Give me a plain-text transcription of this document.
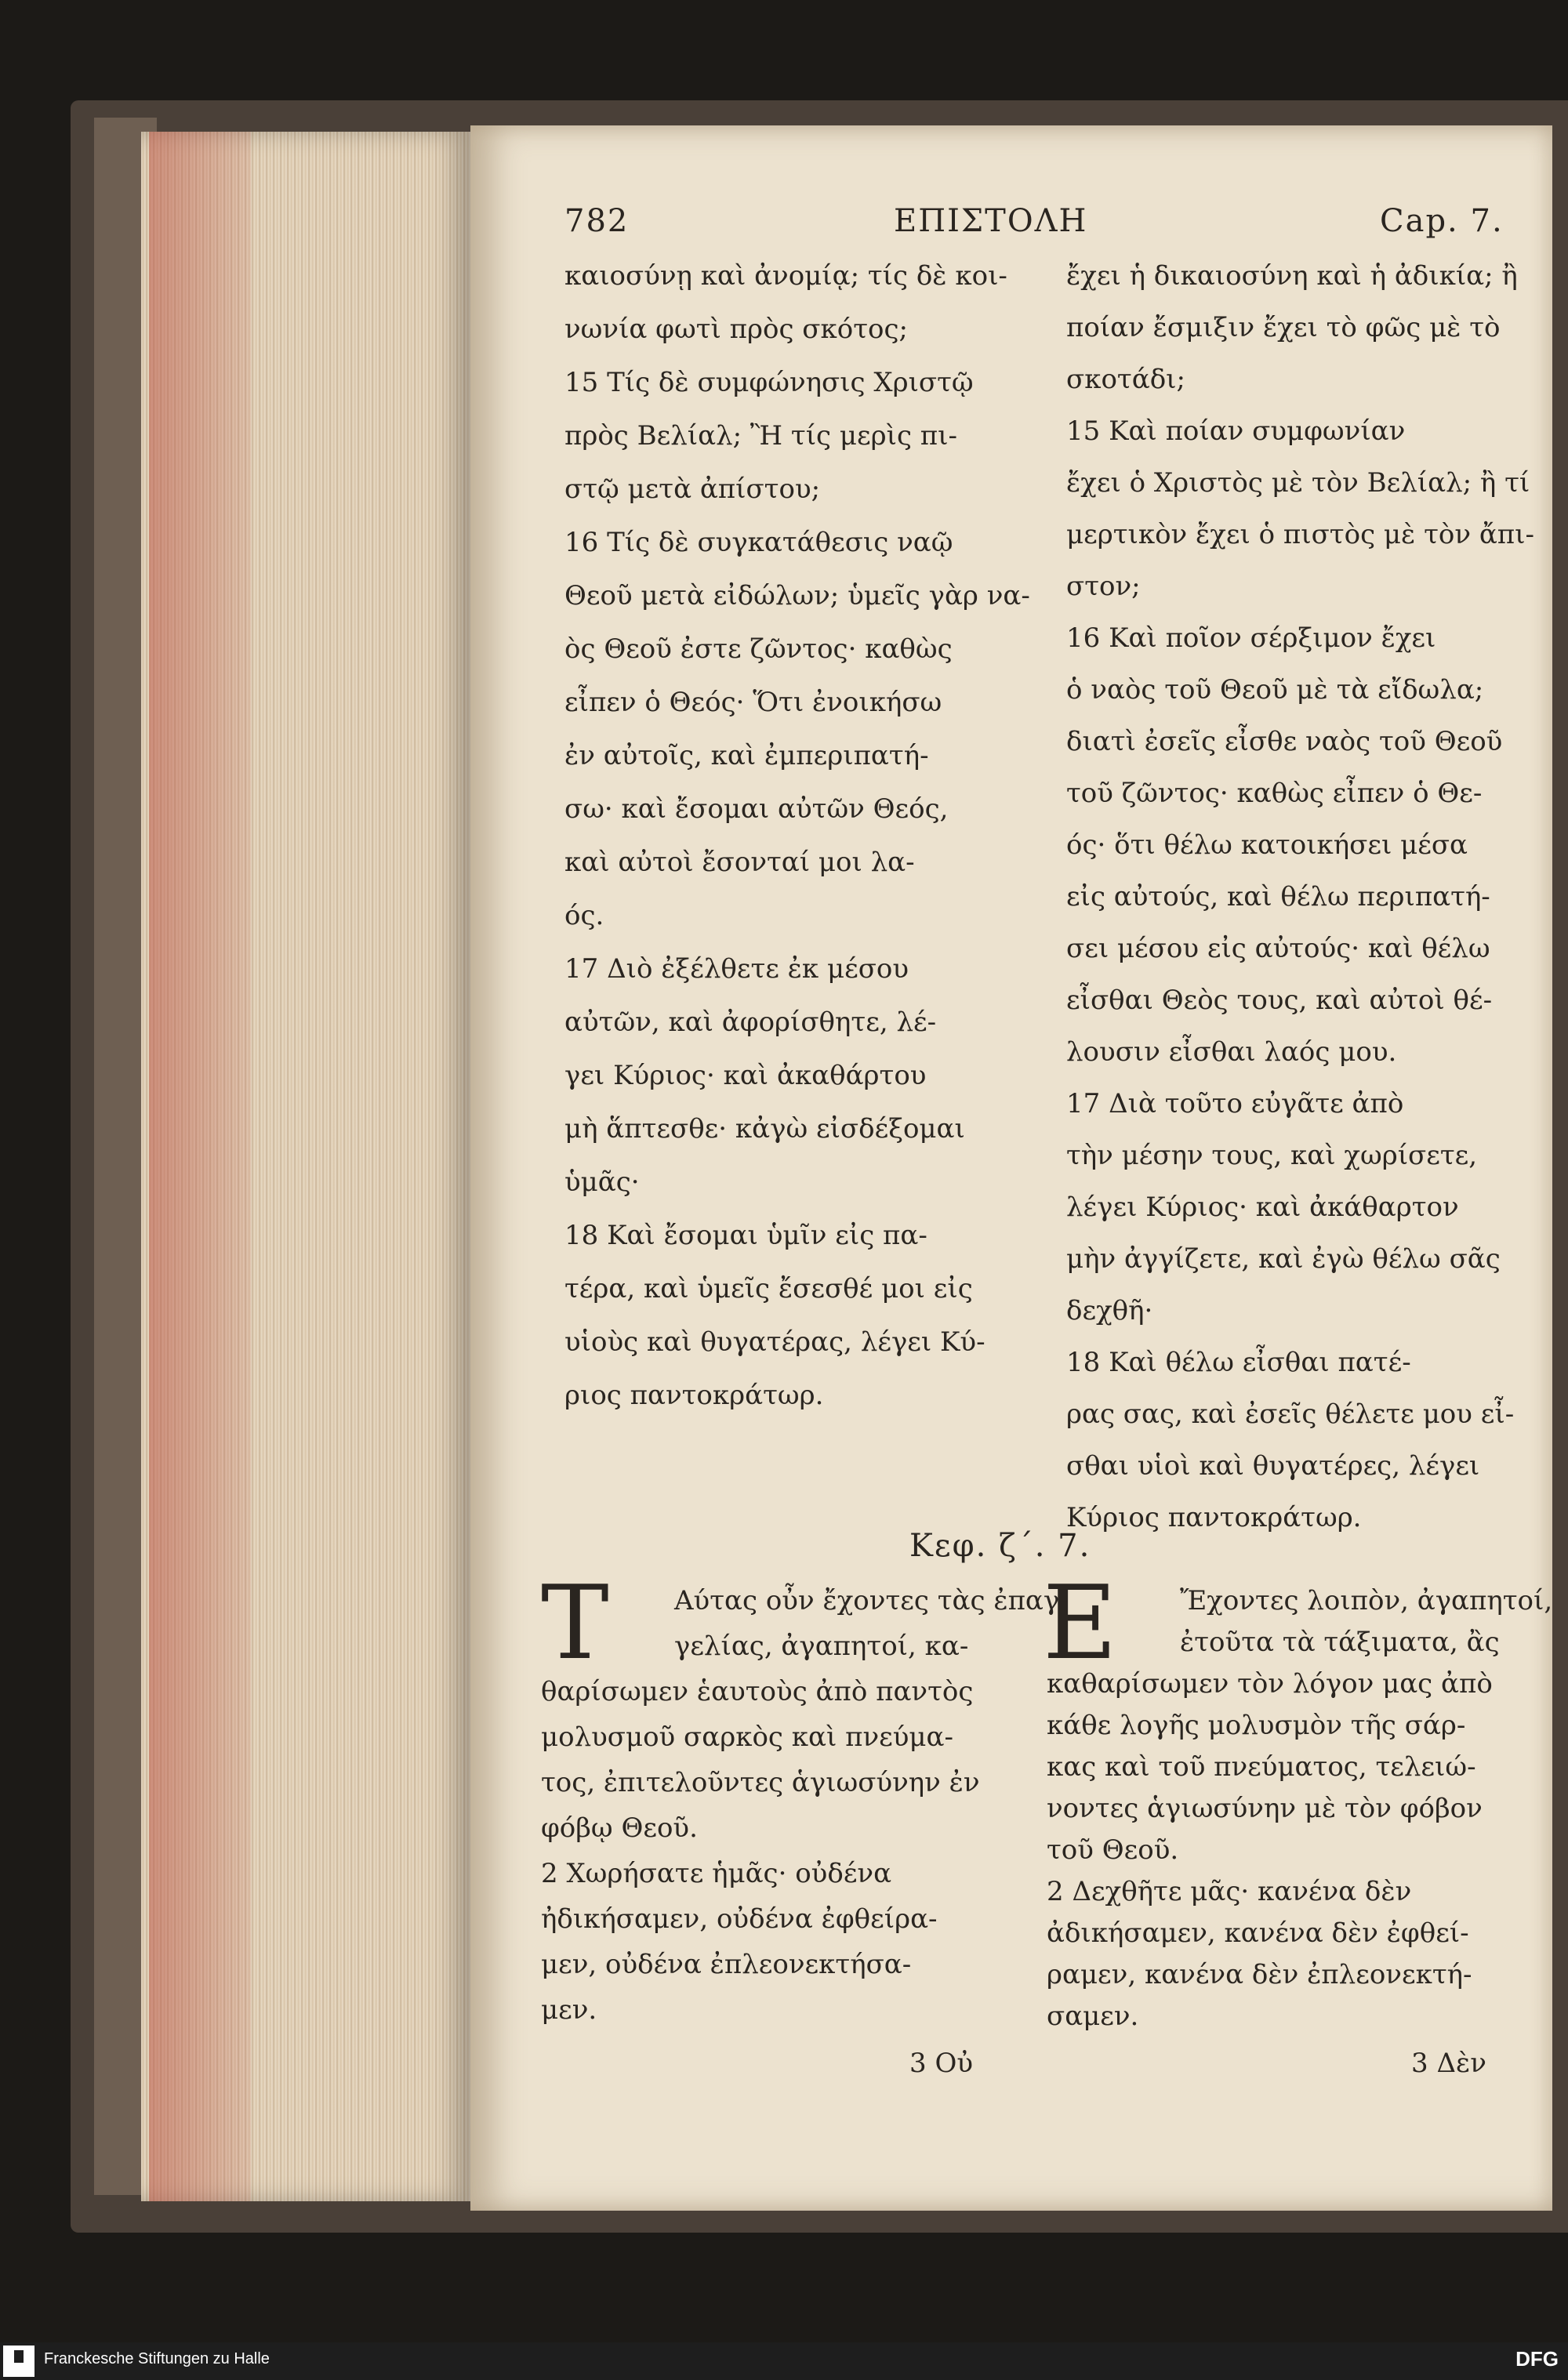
782	ΕΠΙΣΤΟΛΗ	Cap. 7.
καιοσύνῃ καὶ ἀνομίᾳ; τίς δὲ κοι-
νωνία φωτὶ πρὸς σκότος;
15 Τίς δὲ συμφώνησις Χριστῷ
πρὸς Βελίαλ; Ἢ τίς μερὶς πι-
στῷ μετὰ ἀπίστου;
16 Τίς δὲ συγκατάθεσις ναῷ
Θεοῦ μετὰ εἰδώλων; ὑμεῖς γὰρ να-
ὸς Θεοῦ ἐστε ζῶντος· καθὼς
εἶπεν ὁ Θεός· Ὅτι ἐνοικήσω
ἐν αὐτοῖς, καὶ ἐμπεριπατή-
σω· καὶ ἔσομαι αὐτῶν Θεός,
καὶ αὐτοὶ ἔσονταί μοι λα-
ός.
17 Διὸ ἐξέλθετε ἐκ μέσου
αὐτῶν, καὶ ἀφορίσθητε, λέ-
γει Κύριος· καὶ ἀκαθάρτου
μὴ ἅπτεσθε· κἀγὼ εἰσδέξομαι
ὑμᾶς·
18 Καὶ ἔσομαι ὑμῖν εἰς πα-
τέρα, καὶ ὑμεῖς ἔσεσθέ μοι εἰς
υἱοὺς καὶ θυγατέρας, λέγει Κύ-
ριος παντοκράτωρ.
ἔχει ἡ δικαιοσύνη καὶ ἡ ἀδικία; ἢ
ποίαν ἔσμιξιν ἔχει τὸ φῶς μὲ τὸ
σκοτάδι;
15 Καὶ ποίαν συμφωνίαν
ἔχει ὁ Χριστὸς μὲ τὸν Βελίαλ; ἢ τί
μερτικὸν ἔχει ὁ πιστὸς μὲ τὸν ἄπι-
στον;
16 Καὶ ποῖον σέρξιμον ἔχει
ὁ ναὸς τοῦ Θεοῦ μὲ τὰ εἴδωλα;
διατὶ ἐσεῖς εἶσθε ναὸς τοῦ Θεοῦ
τοῦ ζῶντος· καθὼς εἶπεν ὁ Θε-
ός· ὅτι θέλω κατοικήσει μέσα
εἰς αὐτούς, καὶ θέλω περιπατή-
σει μέσου εἰς αὐτούς· καὶ θέλω
εἶσθαι Θεὸς τους, καὶ αὐτοὶ θέ-
λουσιν εἶσθαι λαός μου.
17 Διὰ τοῦτο εὐγᾶτε ἀπὸ
τὴν μέσην τους, καὶ χωρίσετε,
λέγει Κύριος· καὶ ἀκάθαρτον
μὴν ἀγγίζετε, καὶ ἐγὼ θέλω σᾶς
δεχθῆ·
18 Καὶ θέλω εἶσθαι πατέ-
ρας σας, καὶ ἐσεῖς θέλετε μου εἶ-
σθαι υἱοὶ καὶ θυγατέρες, λέγει
Κύριος παντοκράτωρ.
Κεφ. ζ΄. 7.
T	E
Αύτας οὖν ἔχοντες τὰς ἐπαγ-
γελίας, ἀγαπητοί, κα-
θαρίσωμεν ἑαυτοὺς ἀπὸ παντὸς
μολυσμοῦ σαρκὸς καὶ πνεύμα-
τος, ἐπιτελοῦντες ἁγιωσύνην ἐν
φόβῳ Θεοῦ.
2 Χωρήσατε ἡμᾶς· οὐδένα
ἠδικήσαμεν, οὐδένα ἐφθείρα-
μεν, οὐδένα ἐπλεονεκτήσα-
μεν.
Ἔχοντες λοιπὸν, ἀγαπητοί,
ἐτοῦτα τὰ τάξιματα, ἂς
καθαρίσωμεν τὸν λόγον μας ἀπὸ
κάθε λογῆς μολυσμὸν τῆς σάρ-
κας καὶ τοῦ πνεύματος, τελειώ-
νοντες ἁγιωσύνην μὲ τὸν φόβον
τοῦ Θεοῦ.
2 Δεχθῆτε μᾶς· κανένα δὲν
ἀδικήσαμεν, κανένα δὲν ἐφθεί-
ραμεν, κανένα δὲν ἐπλεονεκτή-
σαμεν.
3 Οὐ	3 Δὲν
Franckesche Stiftungen zu Halle	DFG
